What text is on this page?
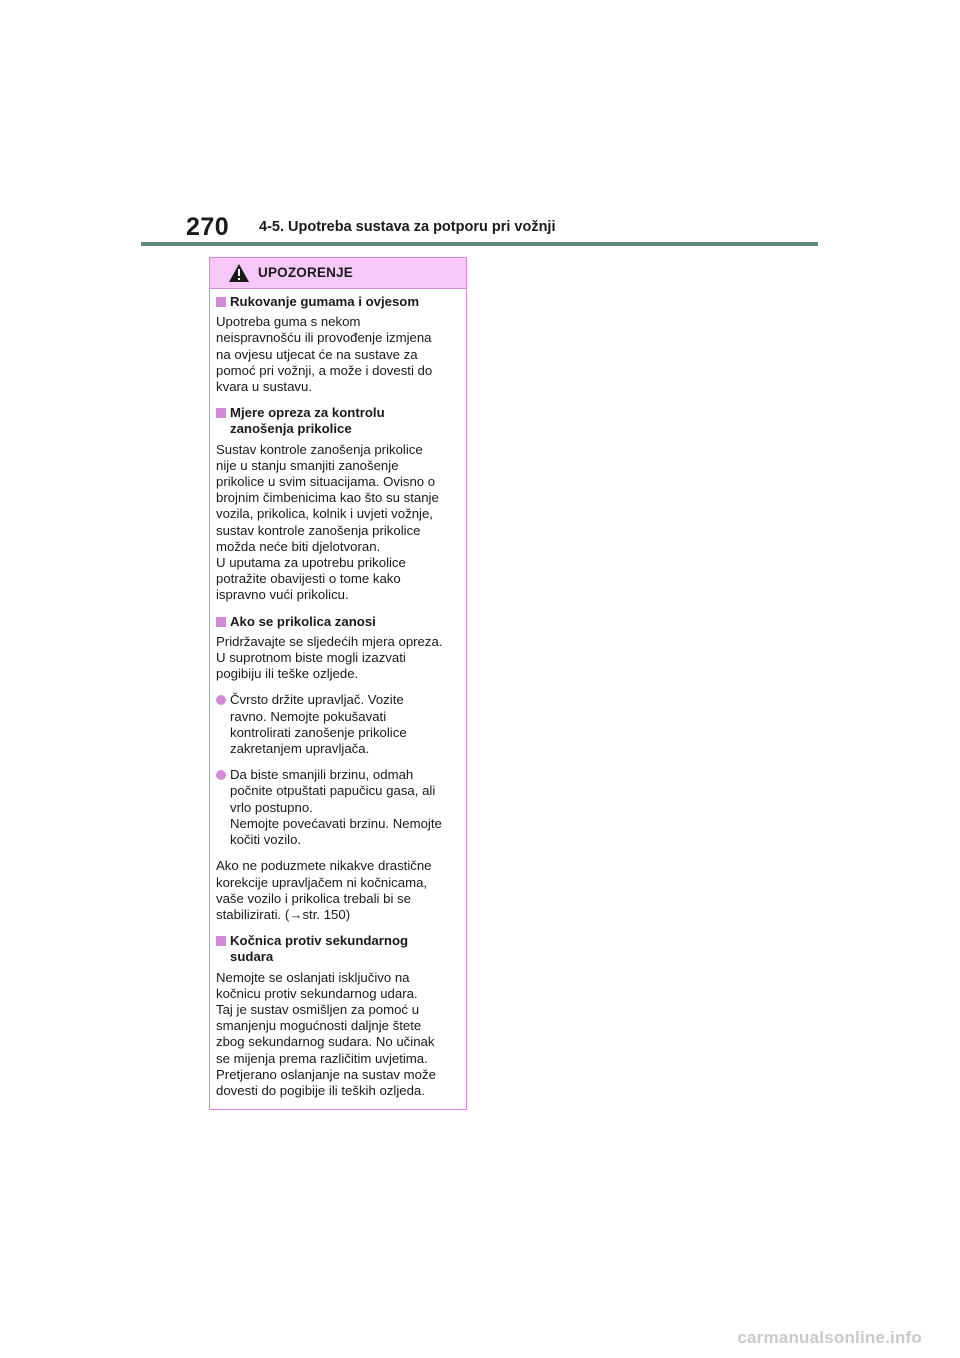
270 4-5. Upotreba sustava za potporu pri vožnji
UPOZORENJE
Rukovanje gumama i ovjesom
Upotreba guma s nekom
neispravnošću ili provođenje izmjena
na ovjesu utjecat će na sustave za
pomoć pri vožnji, a može i dovesti do
kvara u sustavu.
Mjere opreza za kontrolu
zanošenja prikolice
Sustav kontrole zanošenja prikolice
nije u stanju smanjiti zanošenje
prikolice u svim situacijama. Ovisno o
brojnim čimbenicima kao što su stanje
vozila, prikolica, kolnik i uvjeti vožnje,
sustav kontrole zanošenja prikolice
možda neće biti djelotvoran.
U uputama za upotrebu prikolice
potražite obavijesti o tome kako
ispravno vući prikolicu.
Ako se prikolica zanosi
Pridržavajte se sljedećih mjera opreza.
U suprotnom biste mogli izazvati
pogibiju ili teške ozljede.
Čvrsto držite upravljač. Vozite
ravno. Nemojte pokušavati
kontrolirati zanošenje prikolice
zakretanjem upravljača.
Da biste smanjili brzinu, odmah
počnite otpuštati papučicu gasa, ali
vrlo postupno.
Nemojte povećavati brzinu. Nemojte
kočiti vozilo.
Ako ne poduzmete nikakve drastične
korekcije upravljačem ni kočnicama,
vaše vozilo i prikolica trebali bi se
stabilizirati. (→str. 150)
Kočnica protiv sekundarnog
sudara
Nemojte se oslanjati isključivo na
kočnicu protiv sekundarnog udara.
Taj je sustav osmišljen za pomoć u
smanjenju mogućnosti daljnje štete
zbog sekundarnog sudara. No učinak
se mijenja prema različitim uvjetima.
Pretjerano oslanjanje na sustav može
dovesti do pogibije ili teških ozljeda.
carmanualsonline.info
